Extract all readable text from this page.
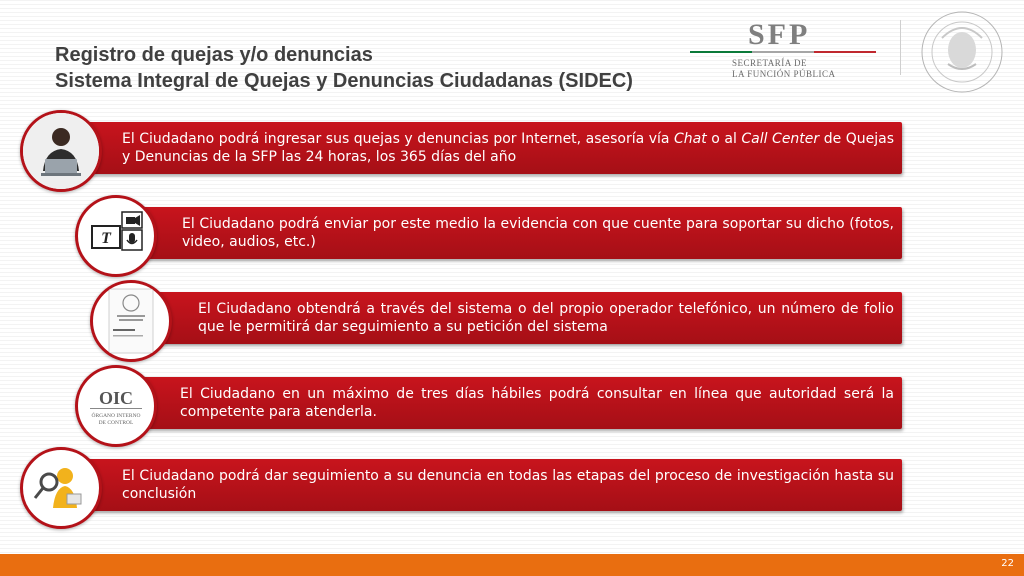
Registro de quejas y/o denuncias
Sistema Integral de Quejas y Denuncias Ciudadanas (SIDEC)
SFP
SECRETARÍA DE
LA FUNCIÓN PÚBLICA
El Ciudadano podrá ingresar sus quejas y denuncias por Internet, asesoría vía Chat o al Call Center de Quejas y Denuncias de la SFP las 24 horas, los 365 días del año
El Ciudadano podrá enviar por este medio la evidencia con que cuente para soportar su dicho (fotos, video, audios, etc.)
T
El Ciudadano obtendrá a través del sistema o del propio operador telefónico, un número de folio que le permitirá dar seguimiento a su petición del sistema
El Ciudadano en un máximo de tres días hábiles podrá consultar en línea que autoridad será la competente para atenderla.
OIC
ÓRGANO INTERNO
DE CONTROL
El Ciudadano podrá dar seguimiento a su denuncia en todas las etapas del proceso de investigación hasta su conclusión
22
